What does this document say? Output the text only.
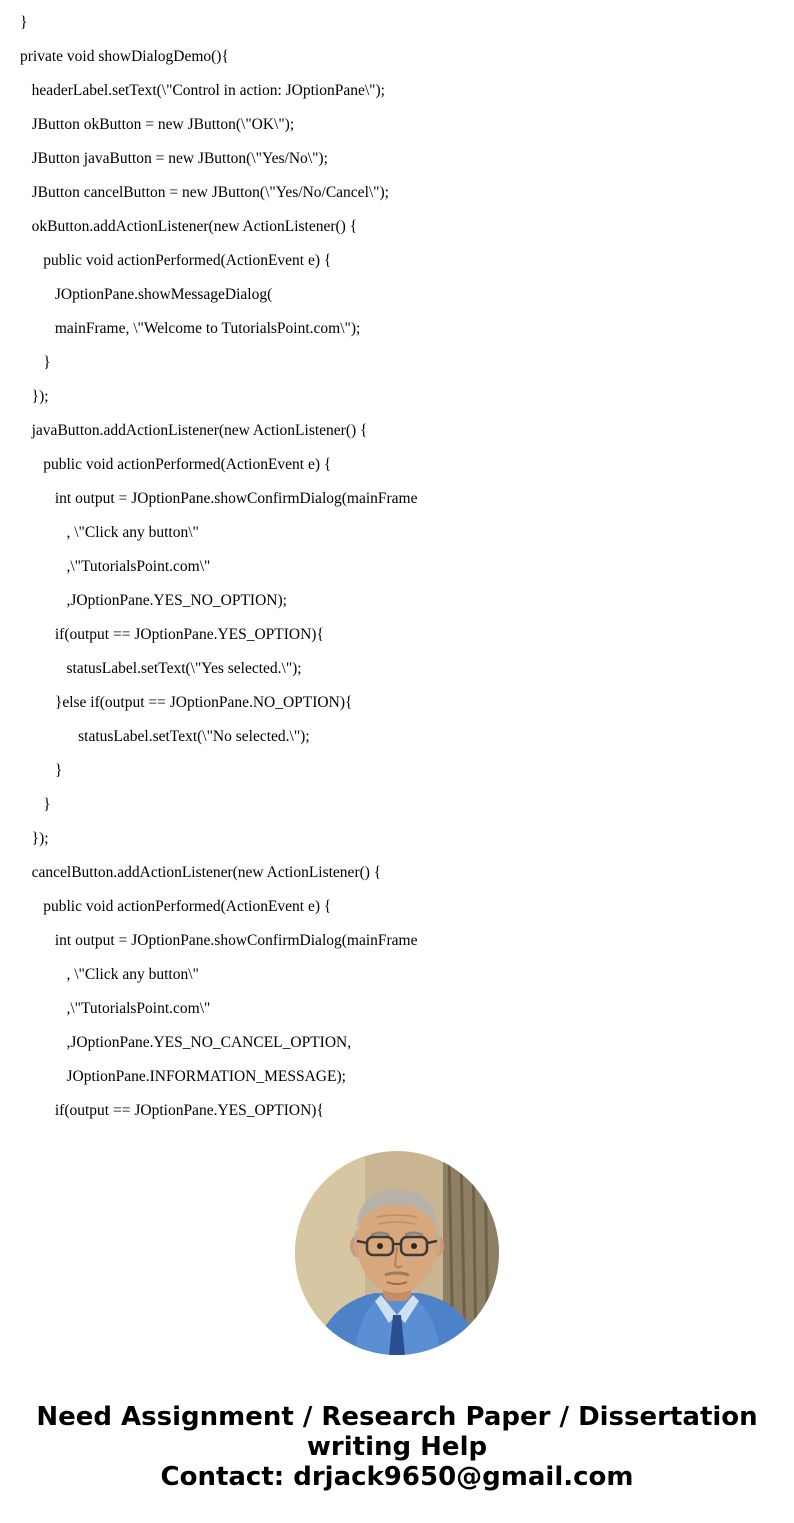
}
private void showDialogDemo(){
headerLabel.setText(\"Control in action: JOptionPane\");
JButton okButton = new JButton(\"OK\");
JButton javaButton = new JButton(\"Yes/No\");
JButton cancelButton = new JButton(\"Yes/No/Cancel\");
okButton.addActionListener(new ActionListener() {
public void actionPerformed(ActionEvent e) {
JOptionPane.showMessageDialog(
mainFrame, \"Welcome to TutorialsPoint.com\");
}
});
javaButton.addActionListener(new ActionListener() {
public void actionPerformed(ActionEvent e) {
int output = JOptionPane.showConfirmDialog(mainFrame
, \"Click any button\"
,\"TutorialsPoint.com\"
,JOptionPane.YES_NO_OPTION);
if(output == JOptionPane.YES_OPTION){
statusLabel.setText(\"Yes selected.\");
}else if(output == JOptionPane.NO_OPTION){
statusLabel.setText(\"No selected.\");
}
}
});
cancelButton.addActionListener(new ActionListener() {
public void actionPerformed(ActionEvent e) {
int output = JOptionPane.showConfirmDialog(mainFrame
, \"Click any button\"
,\"TutorialsPoint.com\"
,JOptionPane.YES_NO_CANCEL_OPTION,
JOptionPane.INFORMATION_MESSAGE);
if(output == JOptionPane.YES_OPTION){
Need Assignment / Research Paper / Dissertation
writing Help
Contact: drjack9650@gmail.com
